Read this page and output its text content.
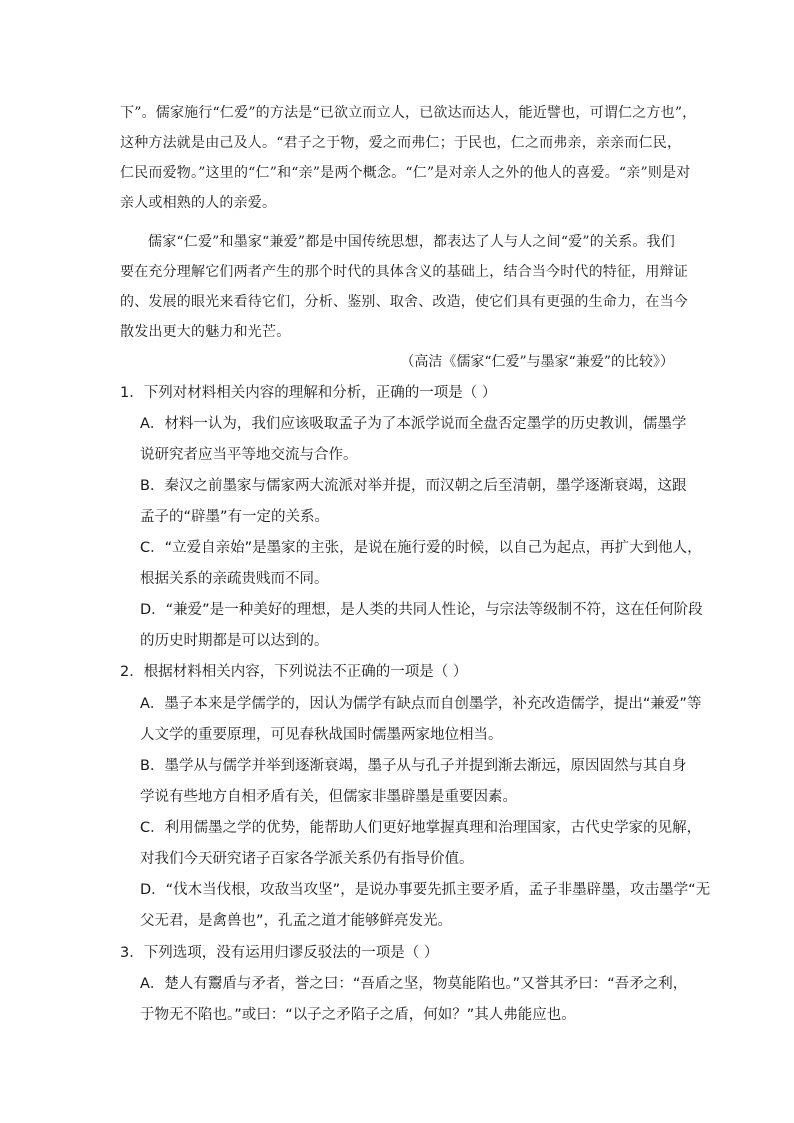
下”。儒家施行“仁爱”的方法是“已欲立而立人，已欲达而达人，能近譬也，可谓仁之方也”，
这种方法就是由己及人。“君子之于物，爱之而弗仁；于民也，仁之而弗亲，亲亲而仁民，
仁民而爱物。”这里的“仁”和“亲”是两个概念。“仁”是对亲人之外的他人的喜爱。“亲”则是对
亲人或相熟的人的亲爱。
儒家“仁爱”和墨家“兼爱”都是中国传统思想，都表达了人与人之间“爱”的关系。我们
要在充分理解它们两者产生的那个时代的具体含义的基础上，结合当今时代的特征，用辩证
的、发展的眼光来看待它们，分析、鉴别、取舍、改造，使它们具有更强的生命力，在当今
散发出更大的魅力和光芒。
（高洁《儒家“仁爱”与墨家“兼爱”的比较》）
1．下列对材料相关内容的理解和分析，正确的一项是（ ）
A．材料一认为，我们应该吸取孟子为了本派学说而全盘否定墨学的历史教训，儒墨学
说研究者应当平等地交流与合作。
B．秦汉之前墨家与儒家两大流派对举并提，而汉朝之后至清朝，墨学逐渐衰竭，这跟
孟子的“辟墨”有一定的关系。
C．“立爱自亲始”是墨家的主张，是说在施行爱的时候，以自己为起点，再扩大到他人，
根据关系的亲疏贵贱而不同。
D．“兼爱”是一种美好的理想，是人类的共同人性论，与宗法等级制不符，这在任何阶段
的历史时期都是可以达到的。
2．根据材料相关内容，下列说法不正确的一项是（ ）
A．墨子本来是学儒学的，因认为儒学有缺点而自创墨学，补充改造儒学，提出“兼爱”等
人文学的重要原理，可见春秋战国时儒墨两家地位相当。
B．墨学从与儒学并举到逐渐衰竭，墨子从与孔子并提到渐去渐远，原因固然与其自身
学说有些地方自相矛盾有关，但儒家非墨辟墨是重要因素。
C．利用儒墨之学的优势，能帮助人们更好地掌握真理和治理国家，古代史学家的见解，
对我们今天研究诸子百家各学派关系仍有指导价值。
D．“伐木当伐根，攻敌当攻坚”，是说办事要先抓主要矛盾，孟子非墨辟墨，攻击墨学“无
父无君，是禽兽也”，孔孟之道才能够鲜亮发光。
3．下列选项，没有运用归谬反驳法的一项是（ ）
A．楚人有鬻盾与矛者，誉之曰：“吾盾之坚，物莫能陷也。”又誉其矛曰：“吾矛之利，
于物无不陷也。”或曰：“以子之矛陷子之盾，何如？”其人弗能应也。
